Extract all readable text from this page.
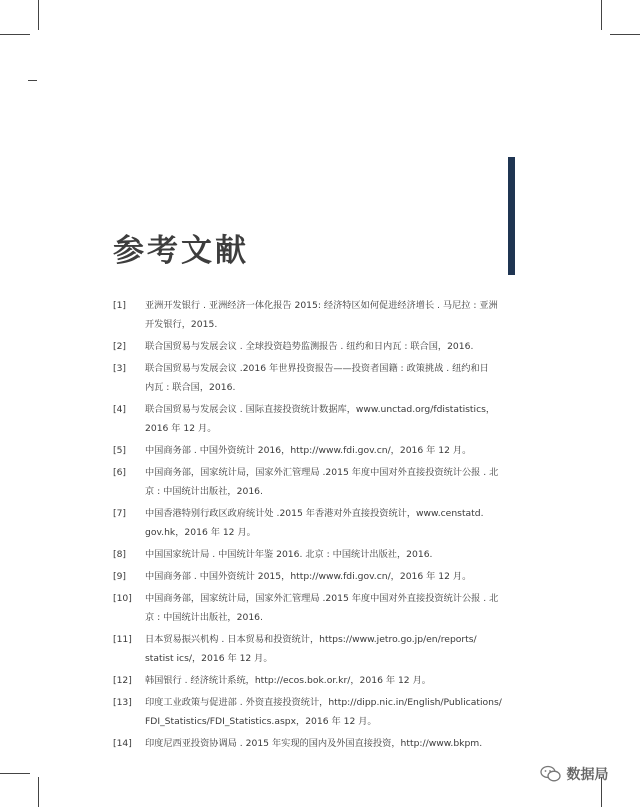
参考文献
[1] 亚洲开发银行 . 亚洲经济一体化报告 2015: 经济特区如何促进经济增长 . 马尼拉 : 亚洲
开发银行，2015.
[2] 联合国贸易与发展会议 . 全球投资趋势监测报告 . 纽约和日内瓦 : 联合国，2016.
[3] 联合国贸易与发展会议 .2016 年世界投资报告——投资者国籍 : 政策挑战 . 纽约和日
内瓦 : 联合国，2016.
[4] 联合国贸易与发展会议 . 国际直接投资统计数据库，www.unctad.org/fdistatistics，
2016 年 12 月。
[5] 中国商务部 . 中国外资统计 2016，http://www.fdi.gov.cn/，2016 年 12 月。
[6] 中国商务部，国家统计局，国家外汇管理局 .2015 年度中国对外直接投资统计公报 . 北
京 : 中国统计出版社，2016.
[7] 中国香港特别行政区政府统计处 .2015 年香港对外直接投资统计，www.censtatd.
gov.hk，2016 年 12 月。
[8] 中国国家统计局 . 中国统计年鉴 2016. 北京 : 中国统计出版社，2016.
[9] 中国商务部 . 中国外资统计 2015，http://www.fdi.gov.cn/，2016 年 12 月。
[10] 中国商务部，国家统计局，国家外汇管理局 .2015 年度中国对外直接投资统计公报 . 北
京 : 中国统计出版社，2016.
[11] 日本贸易振兴机构 . 日本贸易和投资统计，https://www.jetro.go.jp/en/reports/
statist ics/，2016 年 12 月。
[12] 韩国银行 . 经济统计系统，http://ecos.bok.or.kr/，2016 年 12 月。
[13] 印度工业政策与促进部 . 外资直接投资统计，http://dipp.nic.in/English/Publications/
FDI_Statistics/FDI_Statistics.aspx，2016 年 12 月。
[14] 印度尼西亚投资协调局 . 2015 年实现的国内及外国直接投资，http://www.bkpm.
数据局
